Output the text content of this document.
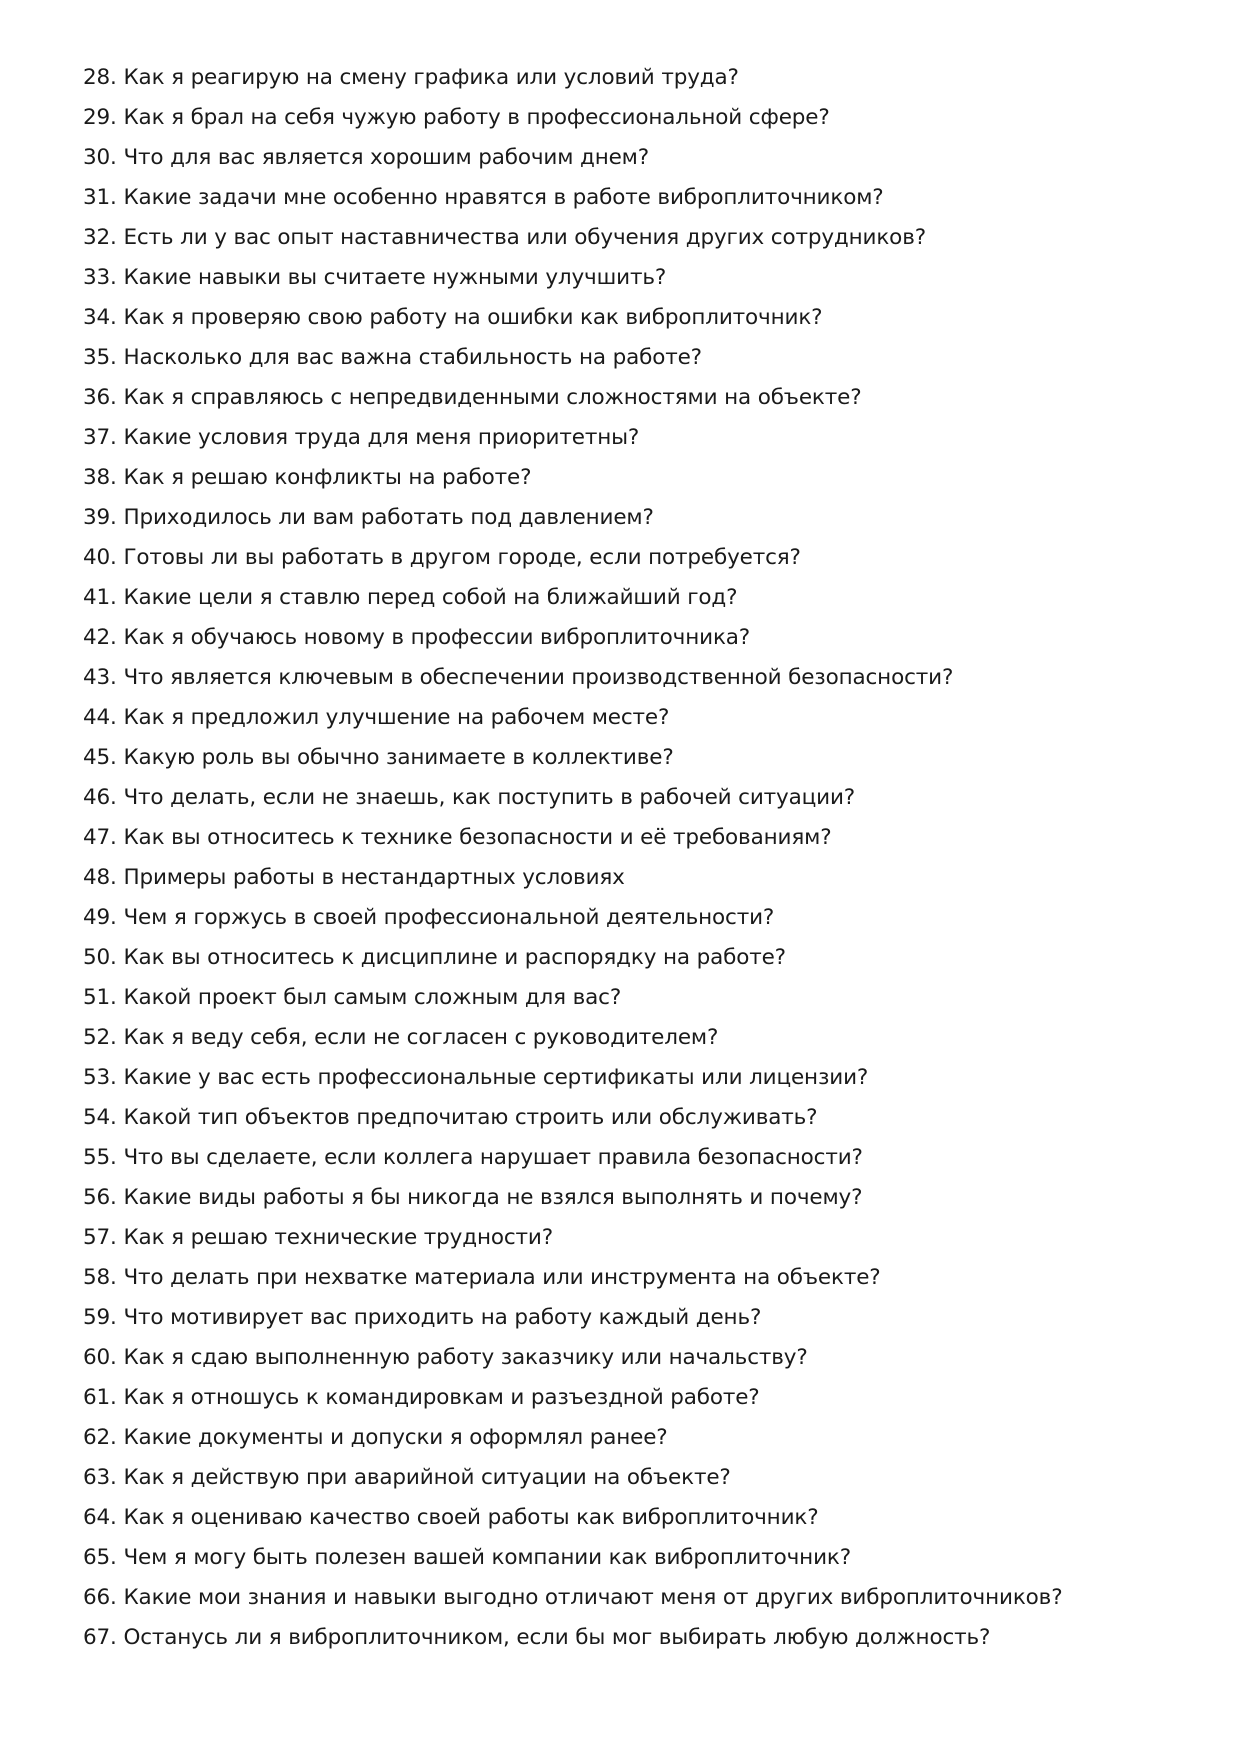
28. Как я реагирую на смену графика или условий труда?
29. Как я брал на себя чужую работу в профессиональной сфере?
30. Что для вас является хорошим рабочим днем?
31. Какие задачи мне особенно нравятся в работе виброплиточником?
32. Есть ли у вас опыт наставничества или обучения других сотрудников?
33. Какие навыки вы считаете нужными улучшить?
34. Как я проверяю свою работу на ошибки как виброплиточник?
35. Насколько для вас важна стабильность на работе?
36. Как я справляюсь с непредвиденными сложностями на объекте?
37. Какие условия труда для меня приоритетны?
38. Как я решаю конфликты на работе?
39. Приходилось ли вам работать под давлением?
40. Готовы ли вы работать в другом городе, если потребуется?
41. Какие цели я ставлю перед собой на ближайший год?
42. Как я обучаюсь новому в профессии виброплиточника?
43. Что является ключевым в обеспечении производственной безопасности?
44. Как я предложил улучшение на рабочем месте?
45. Какую роль вы обычно занимаете в коллективе?
46. Что делать, если не знаешь, как поступить в рабочей ситуации?
47. Как вы относитесь к технике безопасности и её требованиям?
48. Примеры работы в нестандартных условиях
49. Чем я горжусь в своей профессиональной деятельности?
50. Как вы относитесь к дисциплине и распорядку на работе?
51. Какой проект был самым сложным для вас?
52. Как я веду себя, если не согласен с руководителем?
53. Какие у вас есть профессиональные сертификаты или лицензии?
54. Какой тип объектов предпочитаю строить или обслуживать?
55. Что вы сделаете, если коллега нарушает правила безопасности?
56. Какие виды работы я бы никогда не взялся выполнять и почему?
57. Как я решаю технические трудности?
58. Что делать при нехватке материала или инструмента на объекте?
59. Что мотивирует вас приходить на работу каждый день?
60. Как я сдаю выполненную работу заказчику или начальству?
61. Как я отношусь к командировкам и разъездной работе?
62. Какие документы и допуски я оформлял ранее?
63. Как я действую при аварийной ситуации на объекте?
64. Как я оцениваю качество своей работы как виброплиточник?
65. Чем я могу быть полезен вашей компании как виброплиточник?
66. Какие мои знания и навыки выгодно отличают меня от других виброплиточников?
67. Останусь ли я виброплиточником, если бы мог выбирать любую должность?
